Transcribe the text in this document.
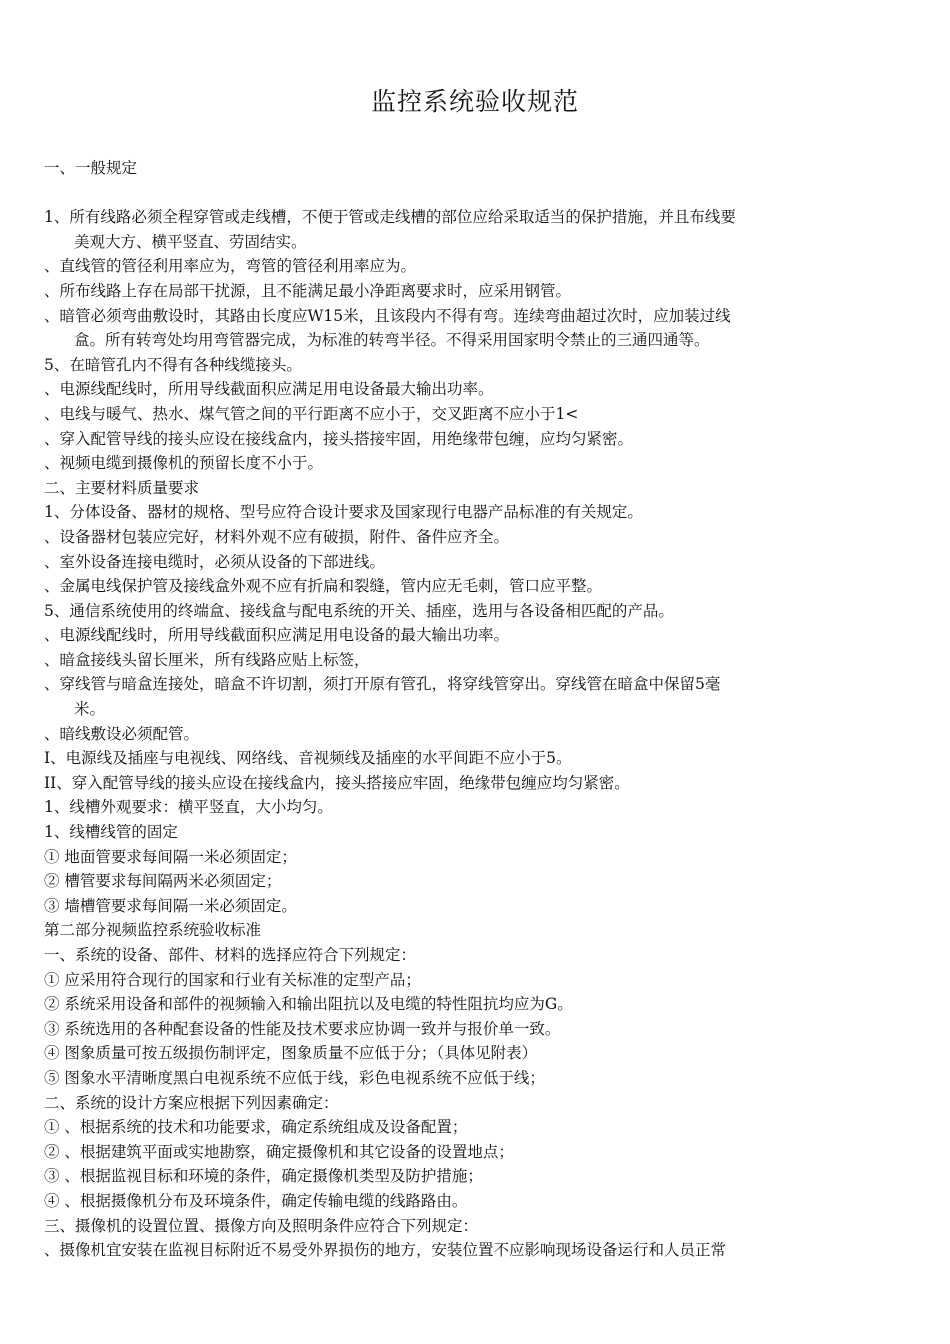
监控系统验收规范
一、一般规定
1、所有线路必须全程穿管或走线槽，不便于管或走线槽的部位应给采取适当的保护措施，并且布线要
美观大方、横平竖直、劳固结实。
、直线管的管径利用率应为，弯管的管径利用率应为。
、所布线路上存在局部干扰源，且不能满足最小净距离要求时，应采用钢管。
、暗管必须弯曲敷设时，其路由长度应W15米，且该段内不得有弯。连续弯曲超过次时，应加装过线
盒。所有转弯处均用弯管器完成，为标准的转弯半径。不得采用国家明令禁止的三通四通等。
5、在暗管孔内不得有各种线缆接头。
、电源线配线时，所用导线截面积应满足用电设备最大输出功率。
、电线与暖气、热水、煤气管之间的平行距离不应小于，交叉距离不应小于1<
、穿入配管导线的接头应设在接线盒内，接头搭接牢固，用绝缘带包缠，应均匀紧密。
、视频电缆到摄像机的预留长度不小于。
二、主要材料质量要求
1、分体设备、器材的规格、型号应符合设计要求及国家现行电器产品标准的有关规定。
、设备器材包装应完好，材料外观不应有破损，附件、备件应齐全。
、室外设备连接电缆时，必须从设备的下部进线。
、金属电线保护管及接线盒外观不应有折扁和裂缝，管内应无毛刺，管口应平整。
5、通信系统使用的终端盒、接线盒与配电系统的开关、插座，选用与各设备相匹配的产品。
、电源线配线时，所用导线截面积应满足用电设备的最大输出功率。
、暗盒接线头留长厘米，所有线路应贴上标签，
、穿线管与暗盒连接处，暗盒不许切割，须打开原有管孔，将穿线管穿出。穿线管在暗盒中保留5毫
米。
、暗线敷设必须配管。
I、电源线及插座与电视线、网络线、音视频线及插座的水平间距不应小于5。
II、穿入配管导线的接头应设在接线盒内，接头搭接应牢固，绝缘带包缠应均匀紧密。
1、线槽外观要求：横平竖直，大小均匀。
1、线槽线管的固定
① 地面管要求每间隔一米必须固定；
② 槽管要求每间隔两米必须固定；
③ 墙槽管要求每间隔一米必须固定。
第二部分视频监控系统验收标准
一、系统的设备、部件、材料的选择应符合下列规定：
① 应采用符合现行的国家和行业有关标准的定型产品；
② 系统采用设备和部件的视频输入和输出阻抗以及电缆的特性阻抗均应为G。
③ 系统选用的各种配套设备的性能及技术要求应协调一致并与报价单一致。
④ 图象质量可按五级损伤制评定，图象质量不应低于分；（具体见附表）
⑤ 图象水平清晰度黑白电视系统不应低于线，彩色电视系统不应低于线；
二、系统的设计方案应根据下列因素确定：
① 、根据系统的技术和功能要求，确定系统组成及设备配置；
② 、根据建筑平面或实地勘察，确定摄像机和其它设备的设置地点；
③ 、根据监视目标和环境的条件，确定摄像机类型及防护措施；
④ 、根据摄像机分布及环境条件，确定传输电缆的线路路由。
三、摄像机的设置位置、摄像方向及照明条件应符合下列规定：
、摄像机宜安装在监视目标附近不易受外界损伤的地方，安装位置不应影响现场设备运行和人员正常
